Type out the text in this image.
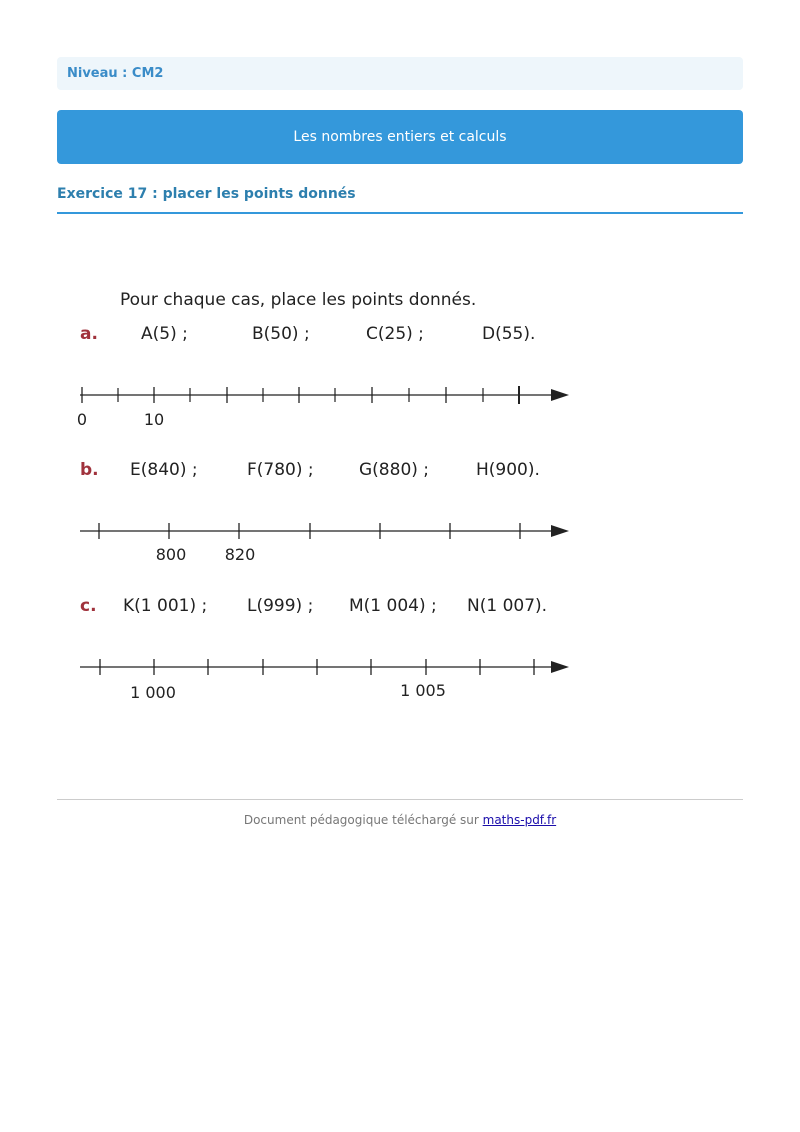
Niveau : CM2
Les nombres entiers et calculs
Exercice 17 : placer les points donnés
Pour chaque cas, place les points donnés.
a.	A(5) ;	B(50) ;	C(25) ;	D(55).
0	10
b. E(840) ;	F(780) ;	G(880) ;	H(900).
800 820
c. K(1 001) ; L(999) ; M(1 004) ; N(1 007).
1 000	1 005
Document pédagogique téléchargé sur maths-pdf.fr
